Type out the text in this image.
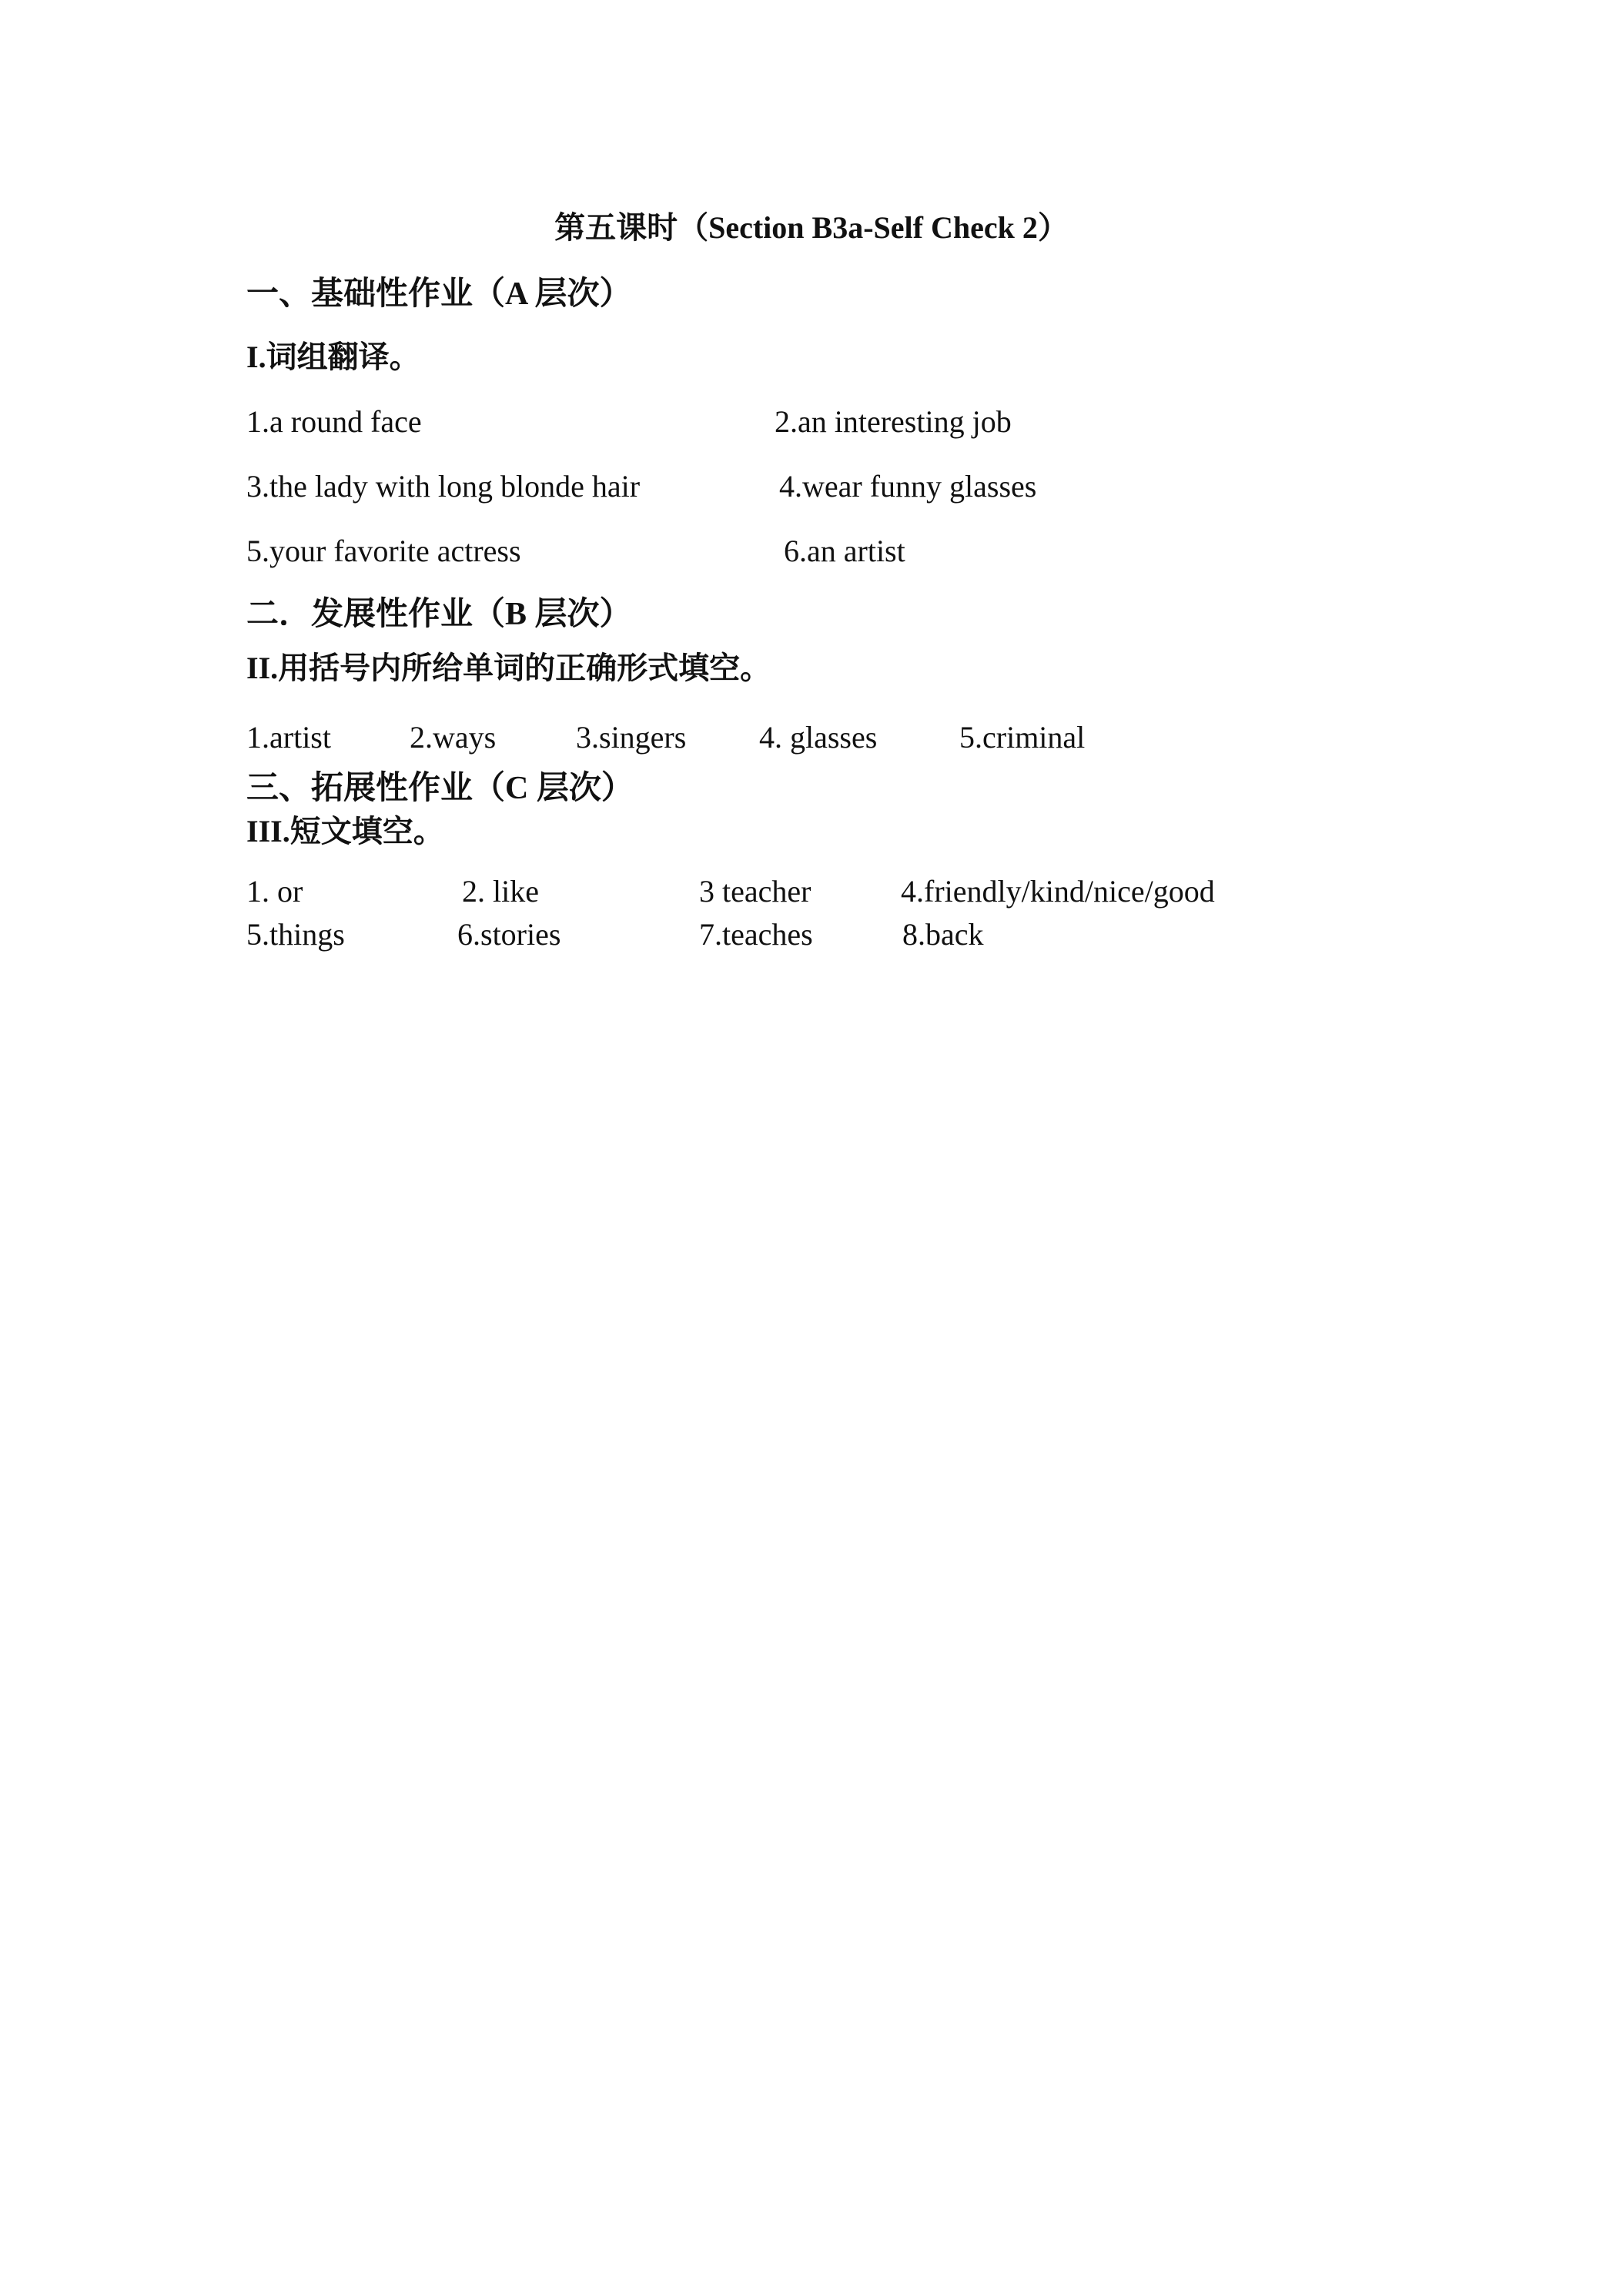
第五课时（Section B3a-Self Check 2）
一、基础性作业（A 层次）
I.词组翻译。
1.a round face	2.an interesting job
3.the lady with long blonde hair	4.wear funny glasses
5.your favorite actress	6.an artist
二．发展性作业（B 层次）
II.用括号内所给单词的正确形式填空。
1.artist	2.ways	3.singers 4. glasses	5.criminal
三、拓展性作业（C 层次）
III.短文填空。
1. or	2. like	3 teacher	4.friendly/kind/nice/good
5.things	6.stories	7.teaches	8.back
